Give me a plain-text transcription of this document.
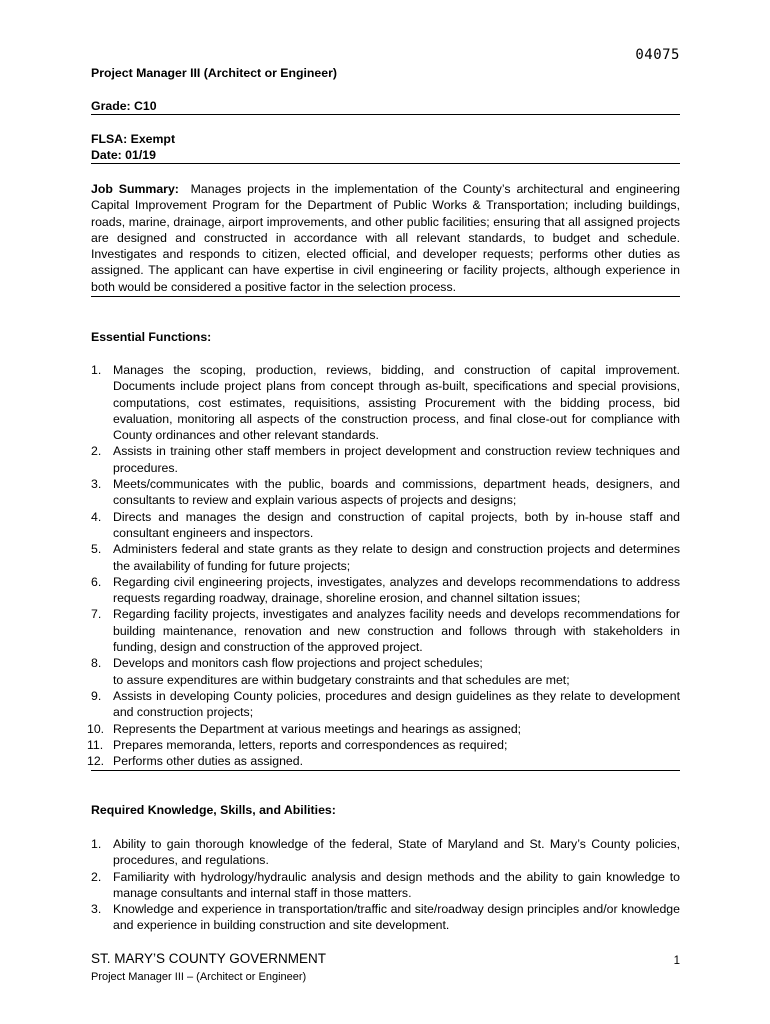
04075
Project Manager III (Architect or Engineer)
Grade: C10
FLSA: Exempt
Date: 01/19
Job Summary: Manages projects in the implementation of the County’s architectural and engineering Capital Improvement Program for the Department of Public Works & Transportation; including buildings, roads, marine, drainage, airport improvements, and other public facilities; ensuring that all assigned projects are designed and constructed in accordance with all relevant standards, to budget and schedule. Investigates and responds to citizen, elected official, and developer requests; performs other duties as assigned. The applicant can have expertise in civil engineering or facility projects, although experience in both would be considered a positive factor in the selection process.
Essential Functions:
1. Manages the scoping, production, reviews, bidding, and construction of capital improvement. Documents include project plans from concept through as-built, specifications and special provisions, computations, cost estimates, requisitions, assisting Procurement with the bidding process, bid evaluation, monitoring all aspects of the construction process, and final close-out for compliance with County ordinances and other relevant standards.
2. Assists in training other staff members in project development and construction review techniques and procedures.
3. Meets/communicates with the public, boards and commissions, department heads, designers, and consultants to review and explain various aspects of projects and designs;
4. Directs and manages the design and construction of capital projects, both by in-house staff and consultant engineers and inspectors.
5. Administers federal and state grants as they relate to design and construction projects and determines the availability of funding for future projects;
6. Regarding civil engineering projects, investigates, analyzes and develops recommendations to address requests regarding roadway, drainage, shoreline erosion, and channel siltation issues;
7. Regarding facility projects, investigates and analyzes facility needs and develops recommendations for building maintenance, renovation and new construction and follows through with stakeholders in funding, design and construction of the approved project.
8. Develops and monitors cash flow projections and project schedules;
to assure expenditures are within budgetary constraints and that schedules are met;
9. Assists in developing County policies, procedures and design guidelines as they relate to development and construction projects;
10. Represents the Department at various meetings and hearings as assigned;
11. Prepares memoranda, letters, reports and correspondences as required;
12. Performs other duties as assigned.
Required Knowledge, Skills, and Abilities:
1. Ability to gain thorough knowledge of the federal, State of Maryland and St. Mary’s County policies, procedures, and regulations.
2. Familiarity with hydrology/hydraulic analysis and design methods and the ability to gain knowledge to manage consultants and internal staff in those matters.
3. Knowledge and experience in transportation/traffic and site/roadway design principles and/or knowledge and experience in building construction and site development.
ST. MARY’S COUNTY GOVERNMENT	1
Project Manager III – (Architect or Engineer)
